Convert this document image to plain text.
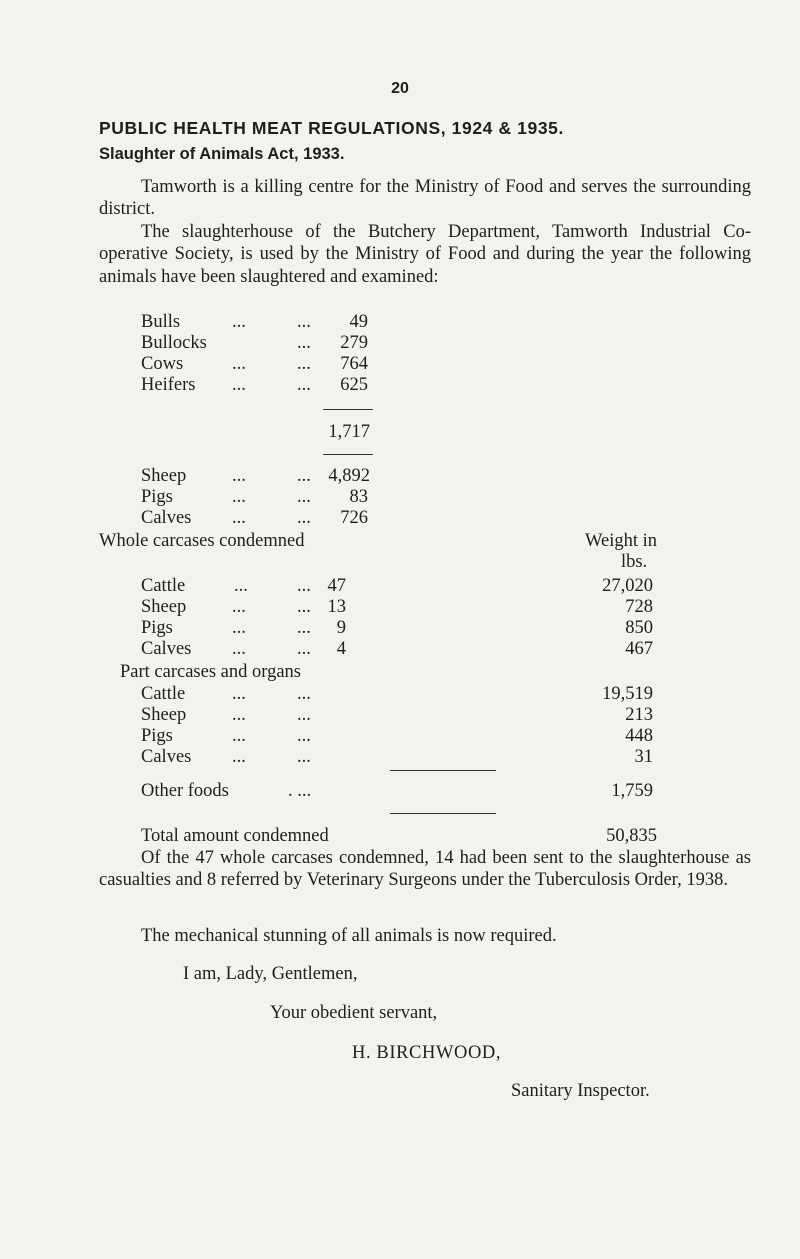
20
PUBLIC HEALTH MEAT REGULATIONS, 1924 & 1935.
Slaughter of Animals Act, 1933.

Tamworth is a killing centre for the Ministry of Food and serves the surrounding district.

The slaughterhouse of the Butchery Department, Tamworth Industrial Co-operative Society, is used by the Ministry of Food and during the year the following animals have been slaughtered and examined:

Bulls	...	... 49
Bullocks	... 279
Cows	...	... 764
Heifers ...	... 625
1,717
Sheep ...	... 4,892
Pigs	...	... 83
Calves ...	... 726
Whole carcases condemned	Weight in
lbs.
Cattle	...	... 47	27,020
Sheep ...	... 13	728
Pigs	...	... 9	850
Calves ...	... 4	467
Part carcases and organs
Cattle	...	...	19,519
Sheep ...	...	213
Pigs	...	...	448
Calves ...	...	31
Other foods	. ...	1,759
Total amount condemned	50,835

Of the 47 whole carcases condemned, 14 had been sent to the slaughterhouse as casualties and 8 referred by Veterinary Surgeons under the Tuberculosis Order, 1938.

The mechanical stunning of all animals is now required.

I am, Lady, Gentlemen,
Your obedient servant,
H. BIRCHWOOD,
Sanitary Inspector.
